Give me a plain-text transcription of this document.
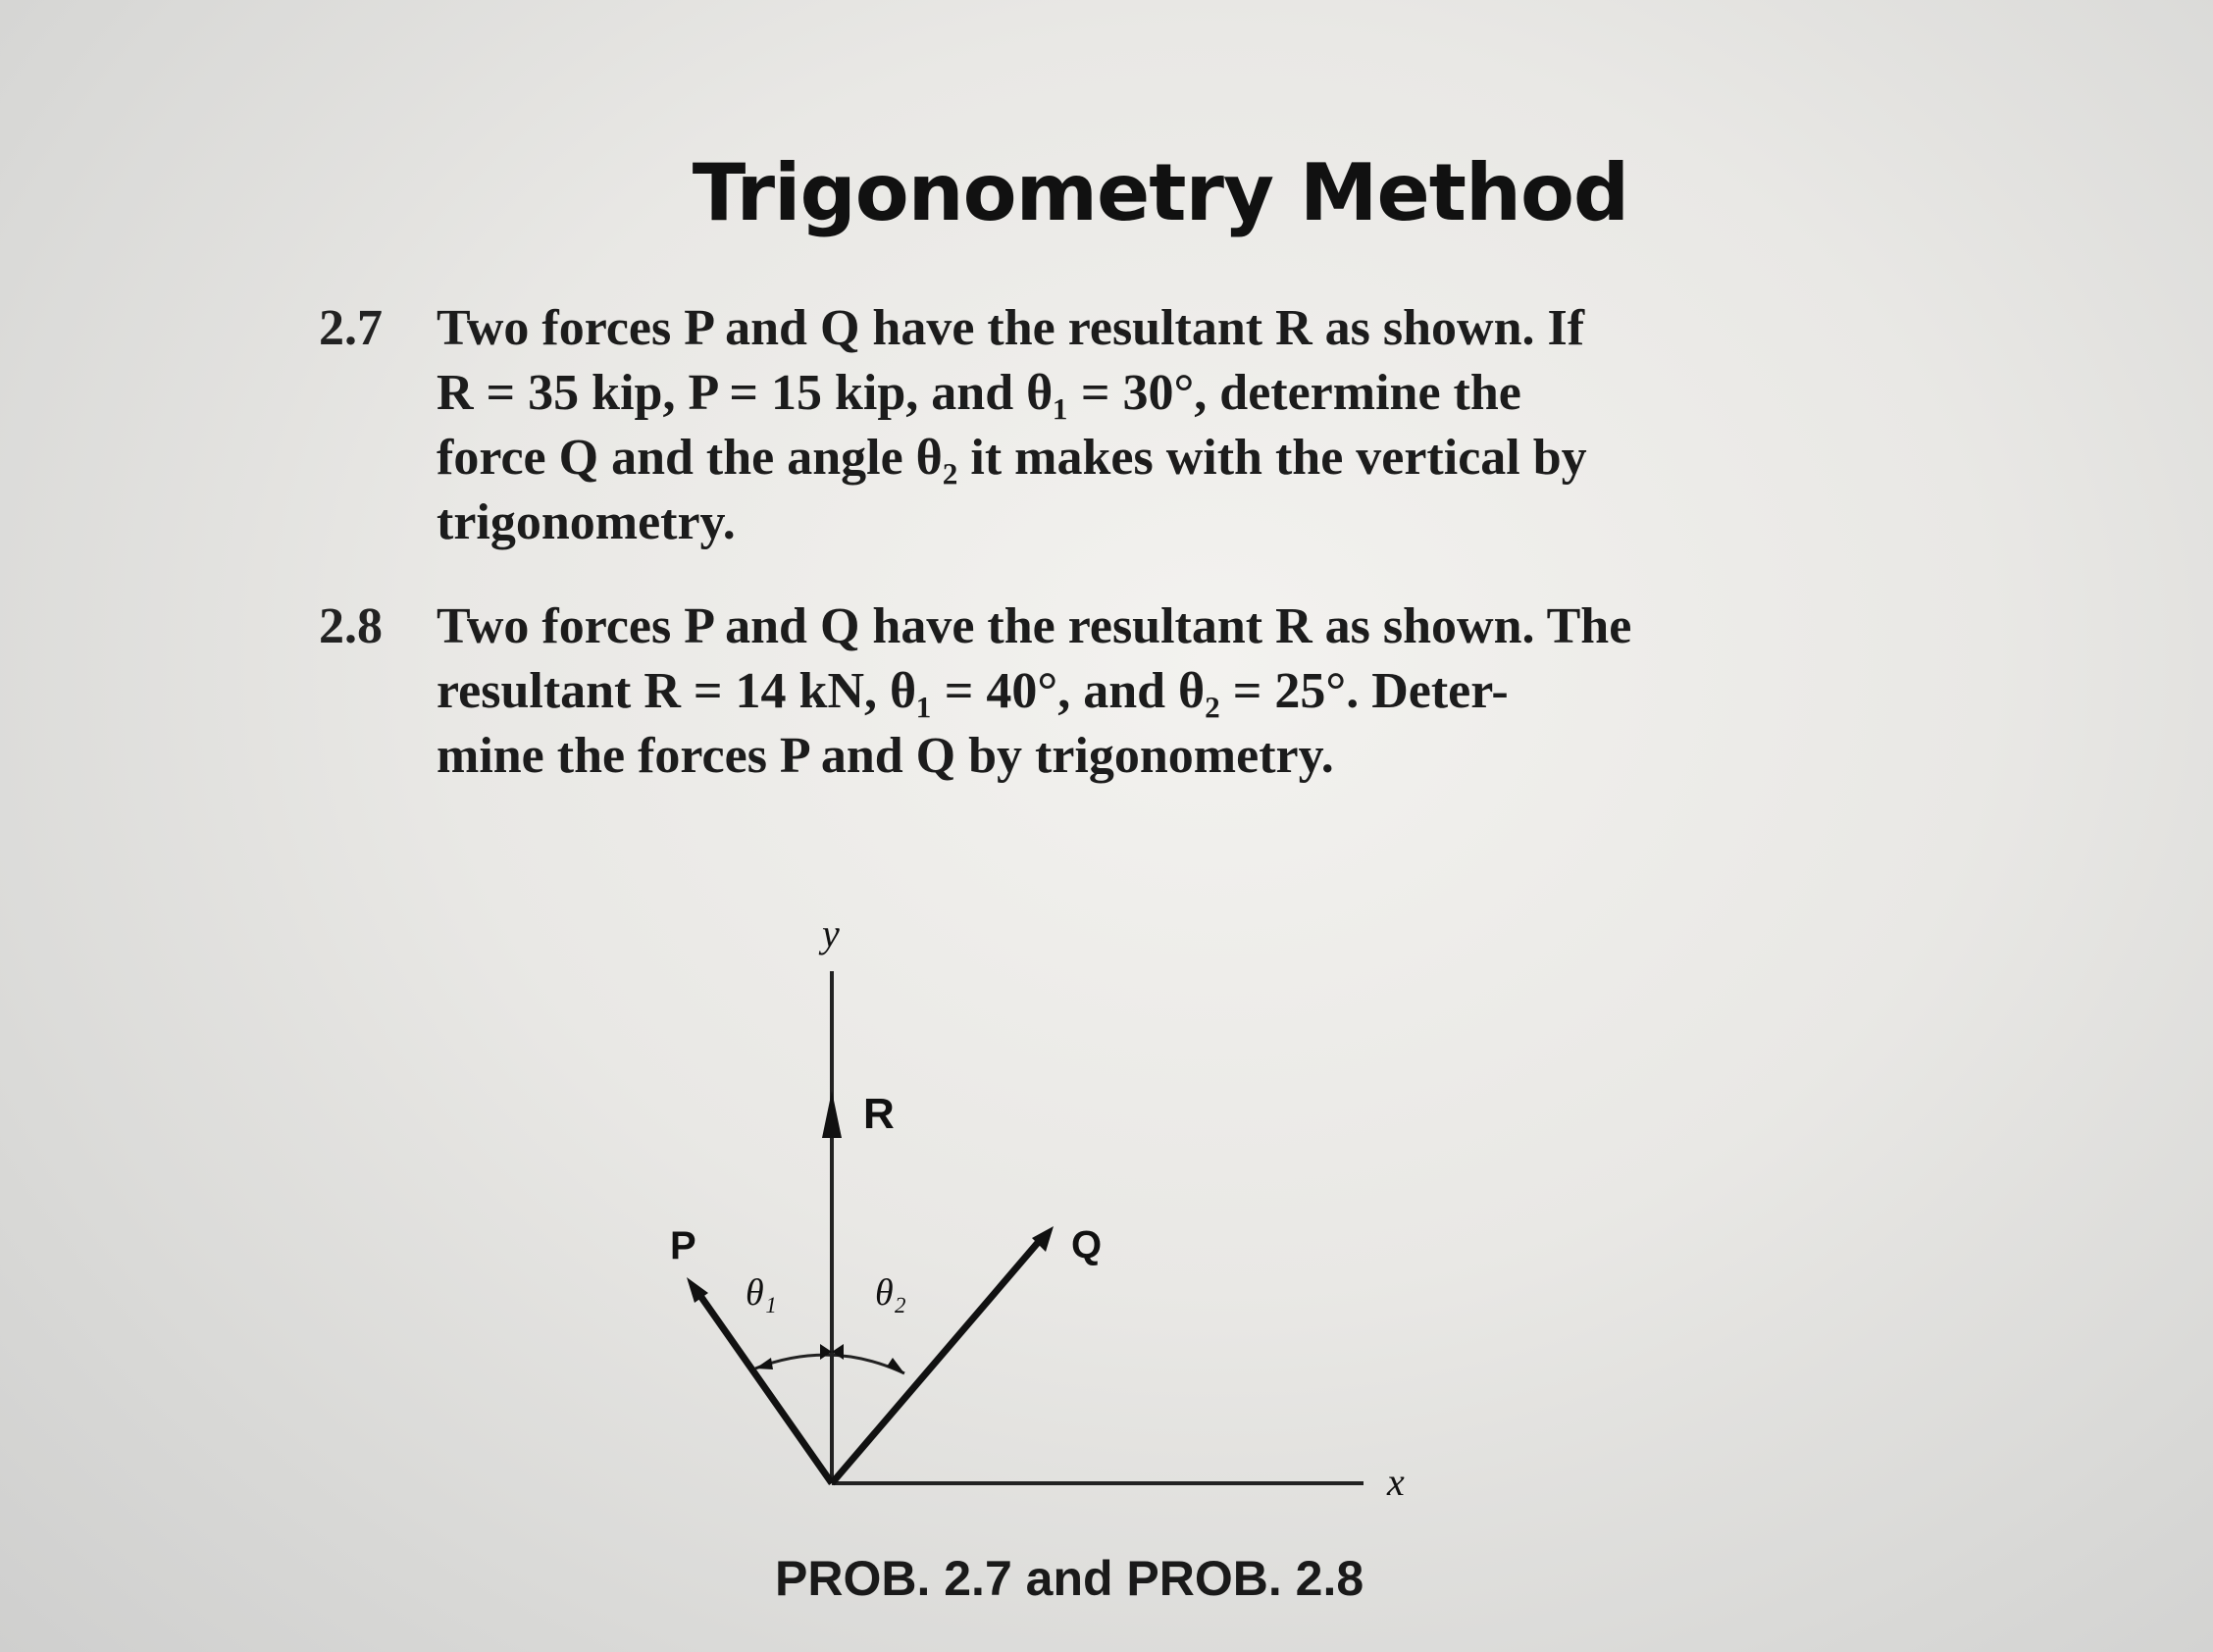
Trigonometry Method
2.7 Two forces P and Q have the resultant R as shown. If
R = 35 kip, P = 15 kip, and θ₁ = 30°, determine the
force Q and the angle θ₂ it makes with the vertical by
trigonometry.
2.8 Two forces P and Q have the resultant R as shown. The
resultant R = 14 kN, θ₁ = 40°, and θ₂ = 25°. Deter-
mine the forces P and Q by trigonometry.
x
y
R
P	Q
θ₁	θ₂
PROB. 2.7 and PROB. 2.8
